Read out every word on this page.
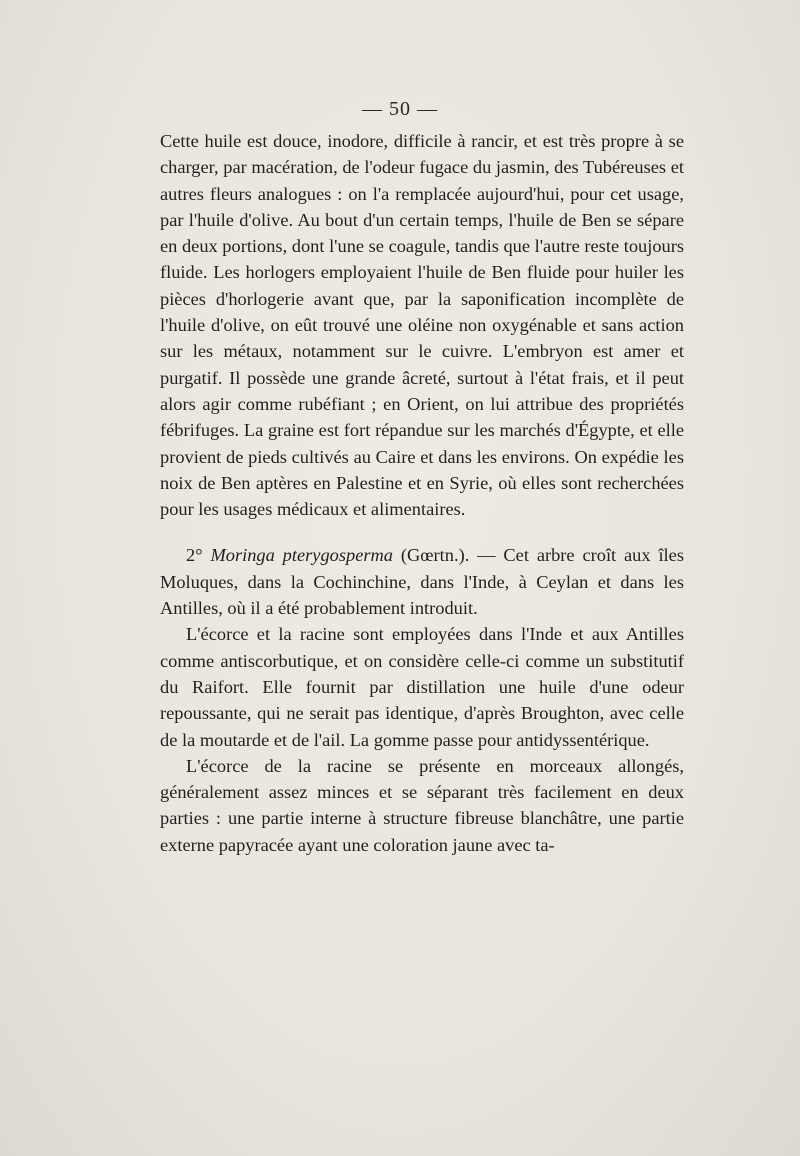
— 50 —

Cette huile est douce, inodore, difficile à rancir, et est très propre à se charger, par macération, de l'odeur fugace du jasmin, des Tubéreuses et autres fleurs analogues : on l'a remplacée aujourd'hui, pour cet usage, par l'huile d'olive. Au bout d'un certain temps, l'huile de Ben se sépare en deux portions, dont l'une se coagule, tandis que l'autre reste toujours fluide. Les horlogers employaient l'huile de Ben fluide pour huiler les pièces d'horlogerie avant que, par la saponification incomplète de l'huile d'olive, on eût trouvé une oléine non oxygénable et sans action sur les métaux, notamment sur le cuivre. L'embryon est amer et purgatif. Il possède une grande âcreté, surtout à l'état frais, et il peut alors agir comme rubéfiant ; en Orient, on lui attribue des propriétés fébrifuges. La graine est fort répandue sur les marchés d'Égypte, et elle provient de pieds cultivés au Caire et dans les environs. On expédie les noix de Ben aptères en Palestine et en Syrie, où elles sont recherchées pour les usages médicaux et alimentaires.

2° Moringa pterygosperma (Gœrtn.). — Cet arbre croît aux îles Moluques, dans la Cochinchine, dans l'Inde, à Ceylan et dans les Antilles, où il a été probablement introduit.

L'écorce et la racine sont employées dans l'Inde et aux Antilles comme antiscorbutique, et on considère celle-ci comme un substitutif du Raifort. Elle fournit par distillation une huile d'une odeur repoussante, qui ne serait pas identique, d'après Broughton, avec celle de la moutarde et de l'ail. La gomme passe pour antidyssentérique.

L'écorce de la racine se présente en morceaux allongés, généralement assez minces et se séparant très facilement en deux parties : une partie interne à structure fibreuse blanchâtre, une partie externe papyracée ayant une coloration jaune avec ta-
